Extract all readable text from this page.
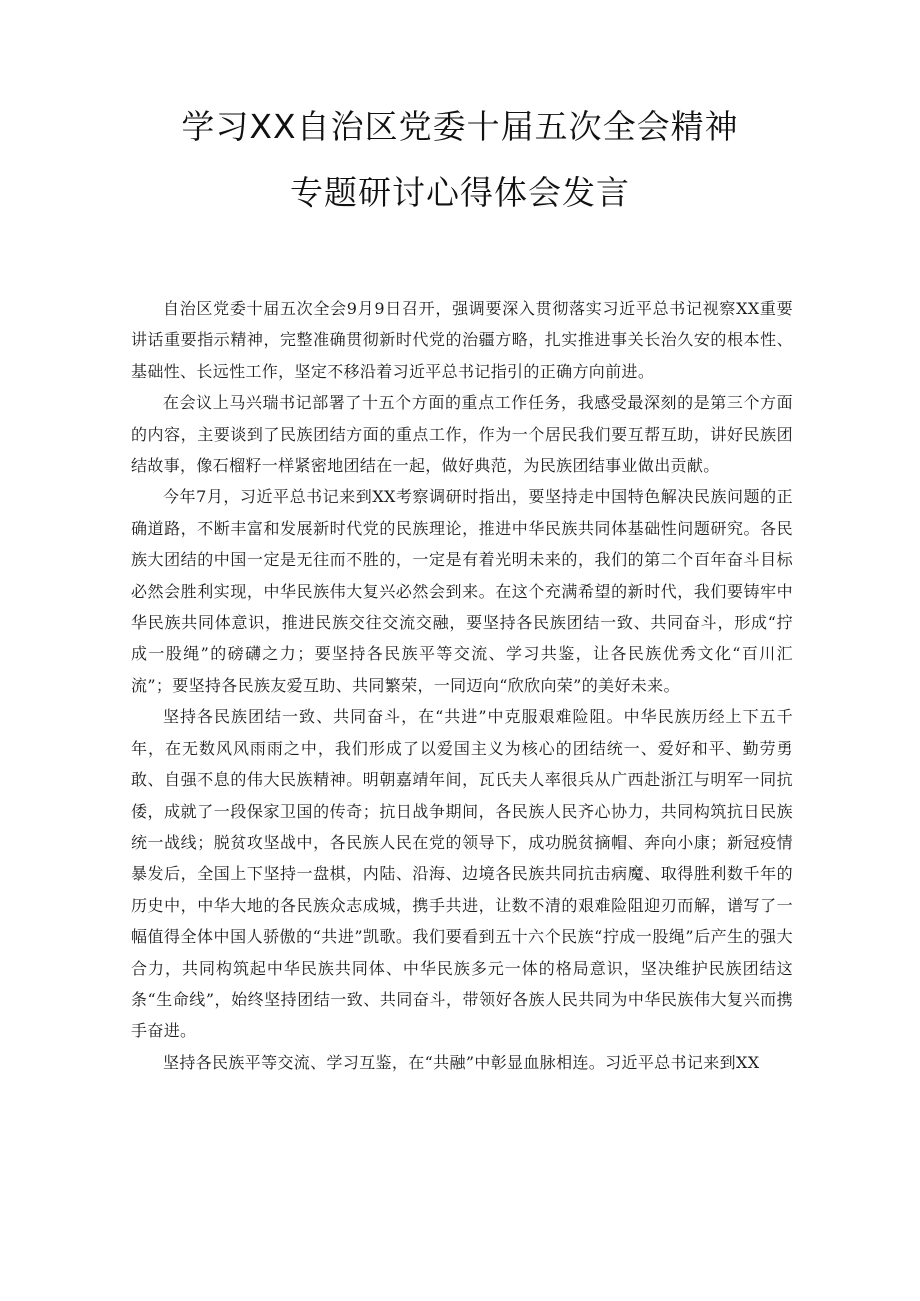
学习XX自治区党委十届五次全会精神
专题研讨心得体会发言

自治区党委十届五次全会9月9日召开，强调要深入贯彻落实习近平总书记视察XX重要讲话重要指示精神，完整准确贯彻新时代党的治疆方略，扎实推进事关长治久安的根本性、基础性、长远性工作，坚定不移沿着习近平总书记指引的正确方向前进。

在会议上马兴瑞书记部署了十五个方面的重点工作任务，我感受最深刻的是第三个方面的内容，主要谈到了民族团结方面的重点工作，作为一个居民我们要互帮互助，讲好民族团结故事，像石榴籽一样紧密地团结在一起，做好典范，为民族团结事业做出贡献。

今年7月，习近平总书记来到XX考察调研时指出，要坚持走中国特色解决民族问题的正确道路，不断丰富和发展新时代党的民族理论，推进中华民族共同体基础性问题研究。各民族大团结的中国一定是无往而不胜的，一定是有着光明未来的，我们的第二个百年奋斗目标必然会胜利实现，中华民族伟大复兴必然会到来。在这个充满希望的新时代，我们要铸牢中华民族共同体意识，推进民族交往交流交融，要坚持各民族团结一致、共同奋斗，形成“拧成一股绳”的磅礴之力；要坚持各民族平等交流、学习共鉴，让各民族优秀文化“百川汇流”；要坚持各民族友爱互助、共同繁荣，一同迈向“欣欣向荣”的美好未来。

坚持各民族团结一致、共同奋斗，在“共进”中克服艰难险阻。中华民族历经上下五千年，在无数风风雨雨之中，我们形成了以爱国主义为核心的团结统一、爱好和平、勤劳勇敢、自强不息的伟大民族精神。明朝嘉靖年间，瓦氏夫人率很兵从广西赴浙江与明军一同抗倭，成就了一段保家卫国的传奇；抗日战争期间，各民族人民齐心协力，共同构筑抗日民族统一战线；脱贫攻坚战中，各民族人民在党的领导下，成功脱贫摘帽、奔向小康；新冠疫情暴发后，全国上下坚持一盘棋，内陆、沿海、边境各民族共同抗击病魔、取得胜利数千年的历史中，中华大地的各民族众志成城，携手共进，让数不清的艰难险阻迎刃而解，谱写了一幅值得全体中国人骄傲的“共进”凯歌。我们要看到五十六个民族“拧成一股绳”后产生的强大合力，共同构筑起中华民族共同体、中华民族多元一体的格局意识，坚决维护民族团结这条“生命线”，始终坚持团结一致、共同奋斗，带领好各族人民共同为中华民族伟大复兴而携手奋进。

坚持各民族平等交流、学习互鉴，在“共融”中彰显血脉相连。习近平总书记来到XX
